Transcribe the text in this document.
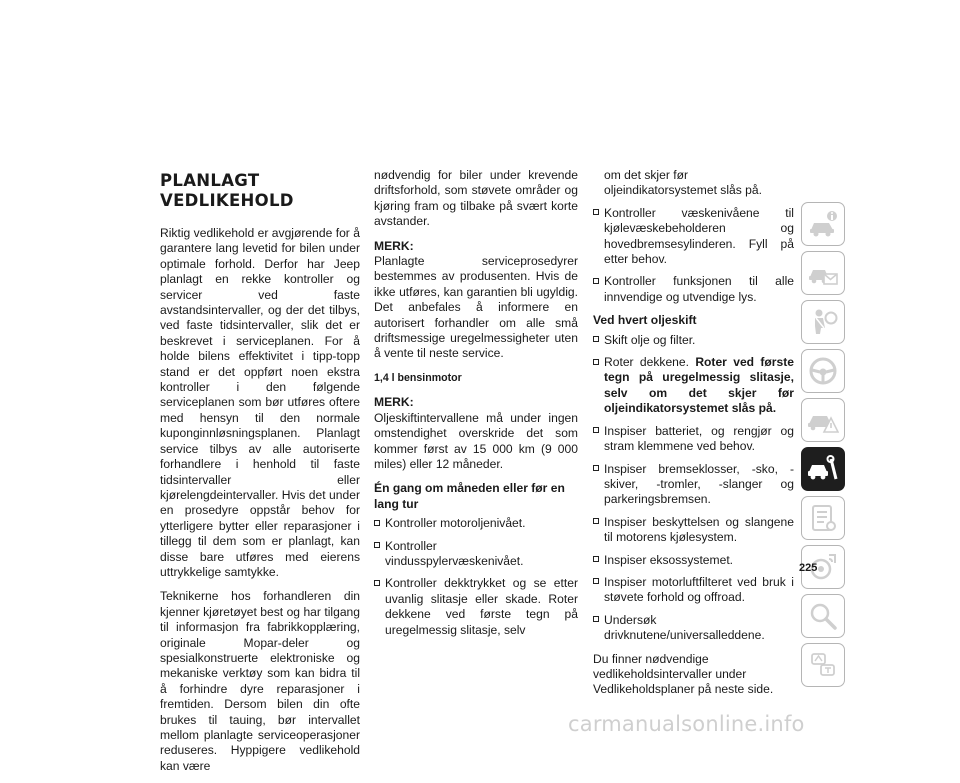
PLANLAGT VEDLIKEHOLD

Riktig vedlikehold er avgjørende for å garantere lang levetid for bilen under optimale forhold. Derfor har Jeep planlagt en rekke kontroller og servicer ved faste avstandsintervaller, og der det tilbys, ved faste tidsintervaller, slik det er beskrevet i serviceplanen. For å holde bilens effektivitet i tipp-topp stand er det oppført noen ekstra kontroller i den følgende serviceplanen som bør utføres oftere med hensyn til den normale kuponginnløsningsplanen. Planlagt service tilbys av alle autoriserte forhandlere i henhold til faste tidsintervaller eller kjørelengdeintervaller. Hvis det under en prosedyre oppstår behov for ytterligere bytter eller reparasjoner i tillegg til dem som er planlagt, kan disse bare utføres med eierens uttrykkelige samtykke.

Teknikerne hos forhandleren din kjenner kjøretøyet best og har tilgang til informasjon fra fabrikkopplæring, originale Mopar-deler og spesialkonstruerte elektroniske og mekaniske verktøy som kan bidra til å forhindre dyre reparasjoner i fremtiden. Dersom bilen din ofte brukes til tauing, bør intervallet mellom planlagte serviceoperasjoner reduseres. Hyppigere vedlikehold kan være

nødvendig for biler under krevende driftsforhold, som støvete områder og kjøring fram og tilbake på svært korte avstander.

MERK:

Planlagte serviceprosedyrer bestemmes av produsenten. Hvis de ikke utføres, kan garantien bli ugyldig. Det anbefales å informere en autorisert forhandler om alle små driftsmessige uregelmessigheter uten å vente til neste service.

1,4 l bensinmotor
MERK:

Oljeskiftintervallene må under ingen omstendighet overskride det som kommer først av 15 000 km (9 000 miles) eller 12 måneder.

Én gang om måneden eller før en lang tur
Kontroller motoroljenivået.
Kontroller vindusspylervæskenivået.
Kontroller dekktrykket og se etter uvanlig slitasje eller skade. Roter dekkene ved første tegn på uregelmessig slitasje, selv
om det skjer før oljeindikatorsystemet slås på.
Kontroller væskenivåene til kjølevæskebeholderen og hovedbremsesylinderen. Fyll på etter behov.
Kontroller funksjonen til alle innvendige og utvendige lys.
Ved hvert oljeskift
Skift olje og filter.
Roter dekkene. Roter ved første tegn på uregelmessig slitasje, selv om det skjer før oljeindikatorsystemet slås på.
Inspiser batteriet, og rengjør og stram klemmene ved behov.
Inspiser bremseklosser, -sko, -skiver, -tromler, -slanger og parkeringsbremsen.
Inspiser beskyttelsen og slangene til motorens kjølesystem.
Inspiser eksossystemet.
Inspiser motorluftfilteret ved bruk i støvete forhold og offroad.
Undersøk drivknutene/universalleddene.

Du finner nødvendige vedlikeholdsintervaller under Vedlikeholdsplaner på neste side.

225
carmanualsonline.info
